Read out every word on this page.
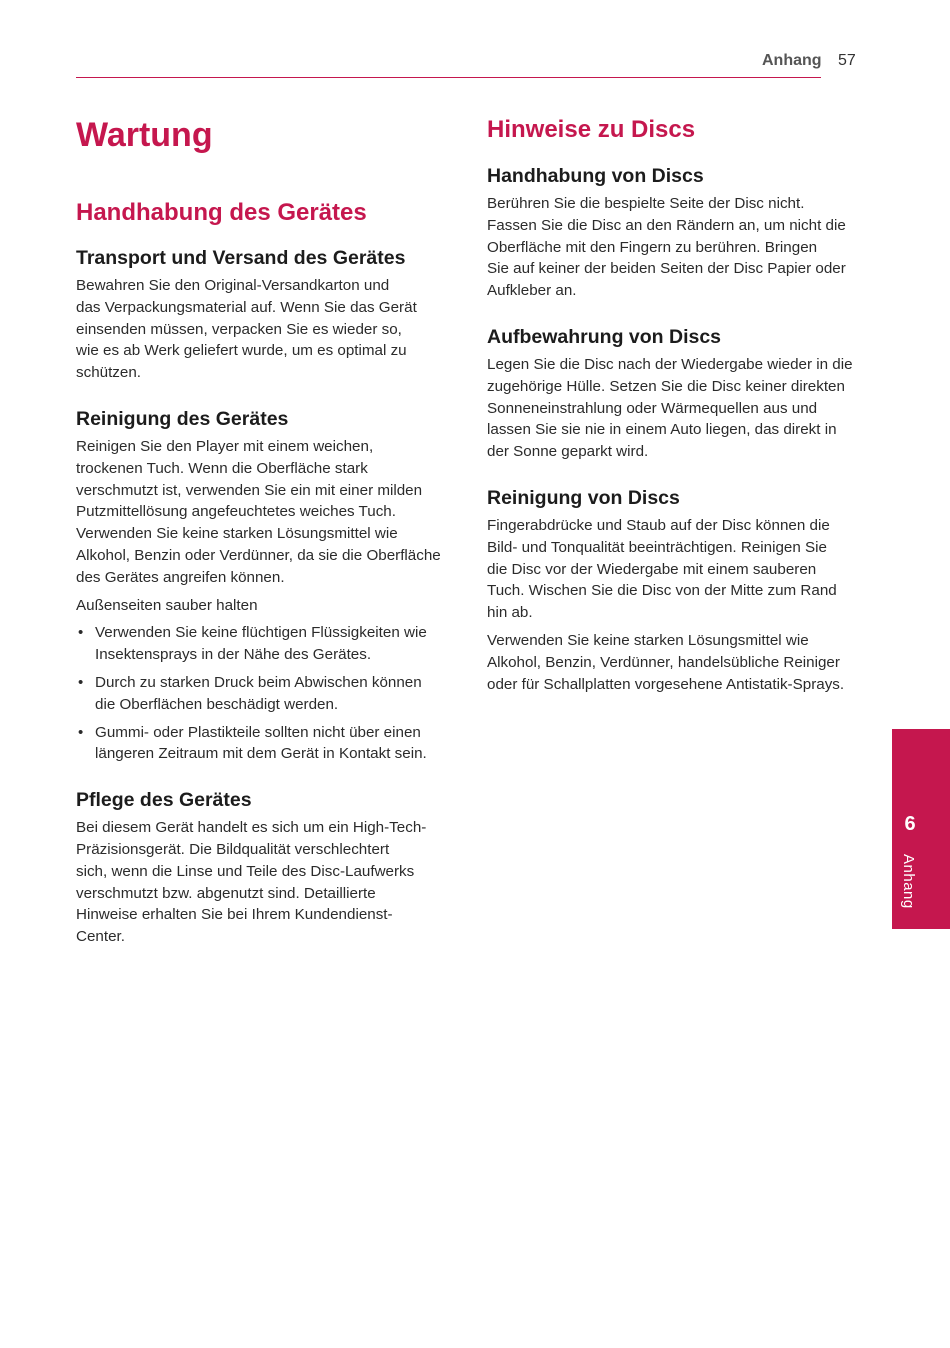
Anhang 57
Wartung
Handhabung des Gerätes
Transport und Versand des Gerätes

Bewahren Sie den Original-Versandkarton und
das Verpackungsmaterial auf. Wenn Sie das Gerät
einsenden müssen, verpacken Sie es wieder so,
wie es ab Werk geliefert wurde, um es optimal zu
schützen.

Reinigung des Gerätes

Reinigen Sie den Player mit einem weichen,
trockenen Tuch. Wenn die Oberfläche stark
verschmutzt ist, verwenden Sie ein mit einer milden
Putzmittellösung angefeuchtetes weiches Tuch.
Verwenden Sie keine starken Lösungsmittel wie
Alkohol, Benzin oder Verdünner, da sie die Oberfläche
des Gerätes angreifen können.

Außenseiten sauber halten

• Verwenden Sie keine flüchtigen Flüssigkeiten wie
Insektensprays in der Nähe des Gerätes.
• Durch zu starken Druck beim Abwischen können
die Oberflächen beschädigt werden.
• Gummi- oder Plastikteile sollten nicht über einen
längeren Zeitraum mit dem Gerät in Kontakt sein.
Pflege des Gerätes

Bei diesem Gerät handelt es sich um ein High-Tech-
Präzisionsgerät. Die Bildqualität verschlechtert
sich, wenn die Linse und Teile des Disc-Laufwerks
verschmutzt bzw. abgenutzt sind. Detaillierte
Hinweise erhalten Sie bei Ihrem Kundendienst-
Center.

Hinweise zu Discs
Handhabung von Discs

Berühren Sie die bespielte Seite der Disc nicht.
Fassen Sie die Disc an den Rändern an, um nicht die
Oberfläche mit den Fingern zu berühren. Bringen
Sie auf keiner der beiden Seiten der Disc Papier oder
Aufkleber an.

Aufbewahrung von Discs

Legen Sie die Disc nach der Wiedergabe wieder in die
zugehörige Hülle. Setzen Sie die Disc keiner direkten
Sonneneinstrahlung oder Wärmequellen aus und
lassen Sie sie nie in einem Auto liegen, das direkt in
der Sonne geparkt wird.

Reinigung von Discs

Fingerabdrücke und Staub auf der Disc können die
Bild- und Tonqualität beeinträchtigen. Reinigen Sie
die Disc vor der Wiedergabe mit einem sauberen
Tuch. Wischen Sie die Disc von der Mitte zum Rand
hin ab.

Verwenden Sie keine starken Lösungsmittel wie
Alkohol, Benzin, Verdünner, handelsübliche Reiniger
oder für Schallplatten vorgesehene Antistatik-Sprays.

6
Anhang
